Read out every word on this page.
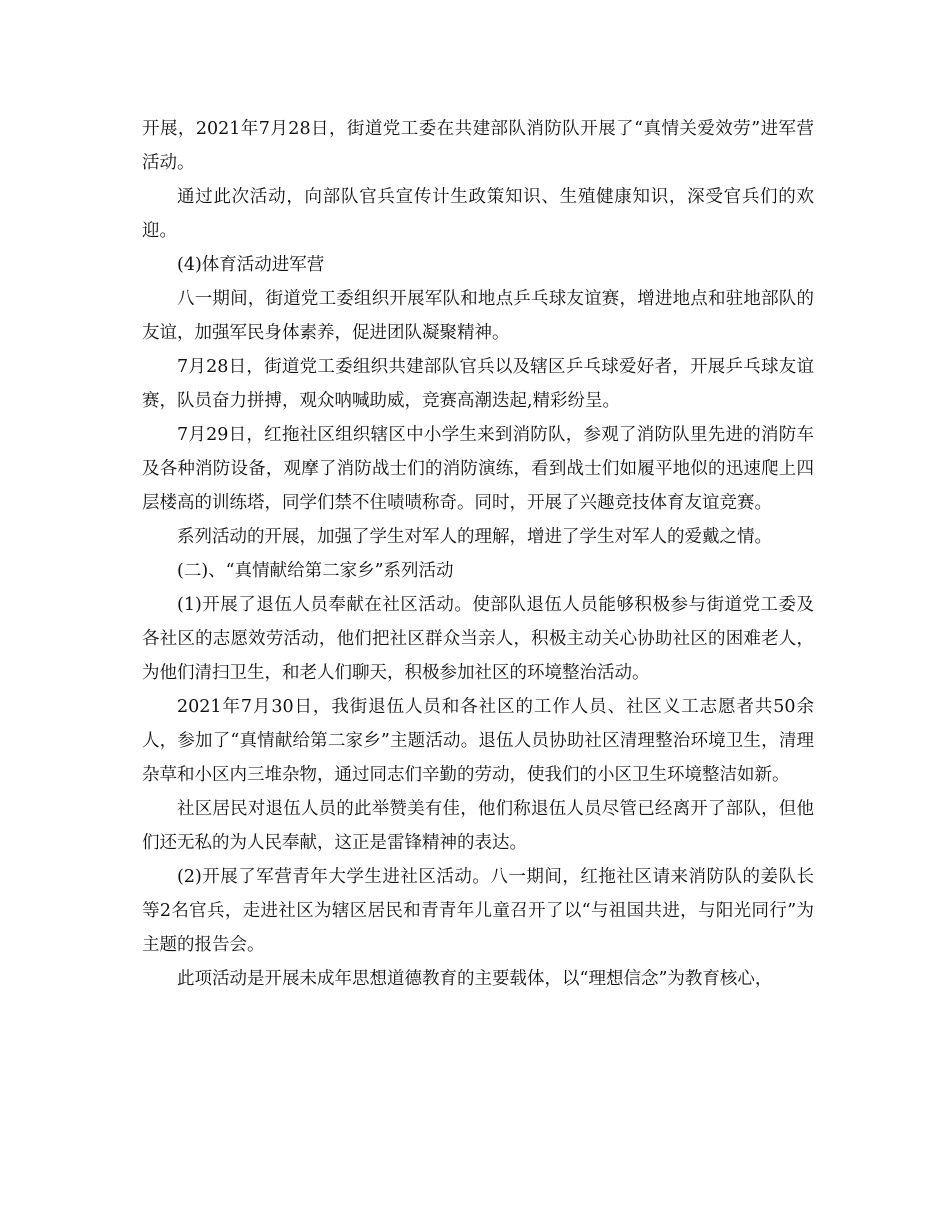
开展，2021年7月28日，街道党工委在共建部队消防队开展了“真情关爱效劳”进军营活动。

通过此次活动，向部队官兵宣传计生政策知识、生殖健康知识，深受官兵们的欢迎。

(4)体育活动进军营

八一期间，街道党工委组织开展军队和地点乒乓球友谊赛，增进地点和驻地部队的友谊，加强军民身体素养，促进团队凝聚精神。

7月28日，街道党工委组织共建部队官兵以及辖区乒乓球爱好者，开展乒乓球友谊赛，队员奋力拼搏，观众呐喊助威，竞赛高潮迭起,精彩纷呈。

7月29日，红拖社区组织辖区中小学生来到消防队，参观了消防队里先进的消防车及各种消防设备，观摩了消防战士们的消防演练，看到战士们如履平地似的迅速爬上四层楼高的训练塔，同学们禁不住啧啧称奇。同时，开展了兴趣竞技体育友谊竞赛。

系列活动的开展，加强了学生对军人的理解，增进了学生对军人的爱戴之情。

(二)、“真情献给第二家乡”系列活动

(1)开展了退伍人员奉献在社区活动。使部队退伍人员能够积极参与街道党工委及各社区的志愿效劳活动，他们把社区群众当亲人，积极主动关心协助社区的困难老人，为他们清扫卫生，和老人们聊天，积极参加社区的环境整治活动。

2021年7月30日，我街退伍人员和各社区的工作人员、社区义工志愿者共50余人，参加了“真情献给第二家乡”主题活动。退伍人员协助社区清理整治环境卫生，清理杂草和小区内三堆杂物，通过同志们辛勤的劳动，使我们的小区卫生环境整洁如新。

社区居民对退伍人员的此举赞美有佳，他们称退伍人员尽管已经离开了部队，但他们还无私的为人民奉献，这正是雷锋精神的表达。

(2)开展了军营青年大学生进社区活动。八一期间，红拖社区请来消防队的姜队长等2名官兵，走进社区为辖区居民和青青年儿童召开了以“与祖国共进，与阳光同行”为主题的报告会。

此项活动是开展未成年思想道德教育的主要载体，以“理想信念”为教育核心，
